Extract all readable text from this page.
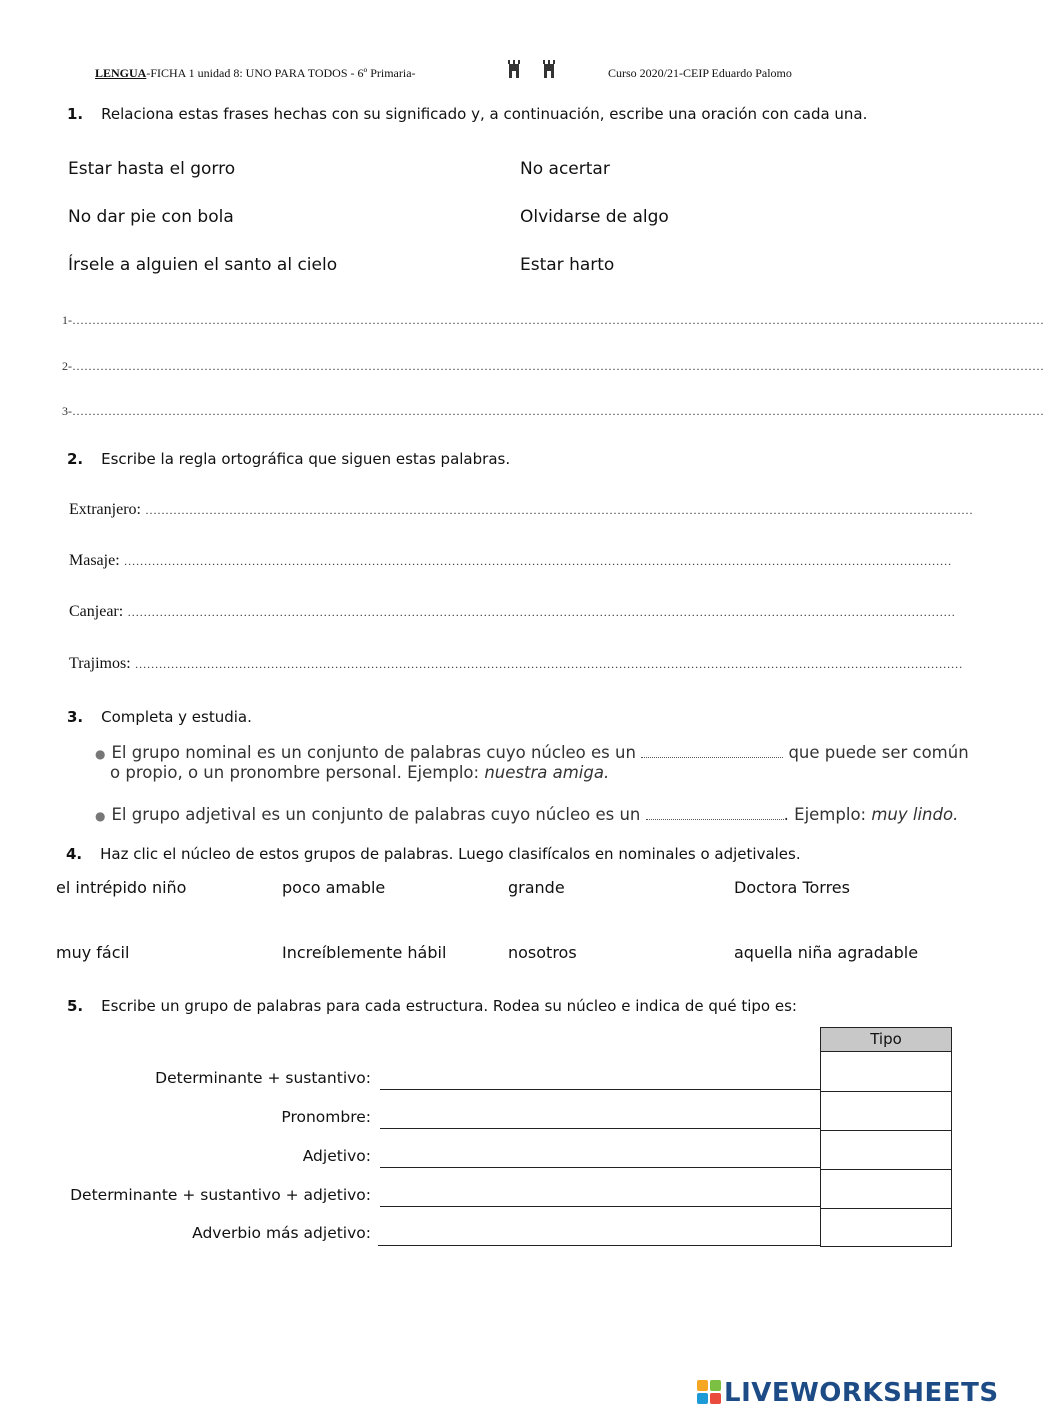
LENGUA-FICHA 1 unidad 8: UNO PARA TODOS - 6º Primaria-	Curso 2020/21-CEIP Eduardo Palomo
1. Relaciona estas frases hechas con su significado y, a continuación, escribe una oración con cada una.
Estar hasta el gorro
No dar pie con bola
Írsele a alguien el santo al cielo
No acertar
Olvidarse de algo
Estar harto
1-………………………………………………………………………………………………………………………………………………………………………………………………………………………
2-………………………………………………………………………………………………………………………………………………………………………………………………………………………
3-………………………………………………………………………………………………………………………………………………………………………………………………………………………
2. Escribe la regla ortográfica que siguen estas palabras.
Extranjero: ………………………………………………………………………………………………………………………………………………………………………………………
Masaje: ………………………………………………………………………………………………………………………………………………………………………………………
Canjear: ………………………………………………………………………………………………………………………………………………………………………………………
Trajimos: ………………………………………………………………………………………………………………………………………………………………………………………
3. Completa y estudia.
● El grupo nominal es un conjunto de palabras cuyo núcleo es un	que puede ser común
o propio, o un pronombre personal. Ejemplo: nuestra amiga.
● El grupo adjetival es un conjunto de palabras cuyo núcleo es un	. Ejemplo: muy lindo.
4. Haz clic el núcleo de estos grupos de palabras. Luego clasifícalos en nominales o adjetivales.
el intrépido niño	poco amable	grande	Doctora Torres
muy fácil	Increíblemente hábil	nosotros	aquella niña agradable
5. Escribe un grupo de palabras para cada estructura. Rodea su núcleo e indica de qué tipo es:
Tipo
Determinante + sustantivo:
Pronombre:
Adjetivo:
Determinante + sustantivo + adjetivo:
Adverbio más adjetivo:
LIVEWORKSHEETS
